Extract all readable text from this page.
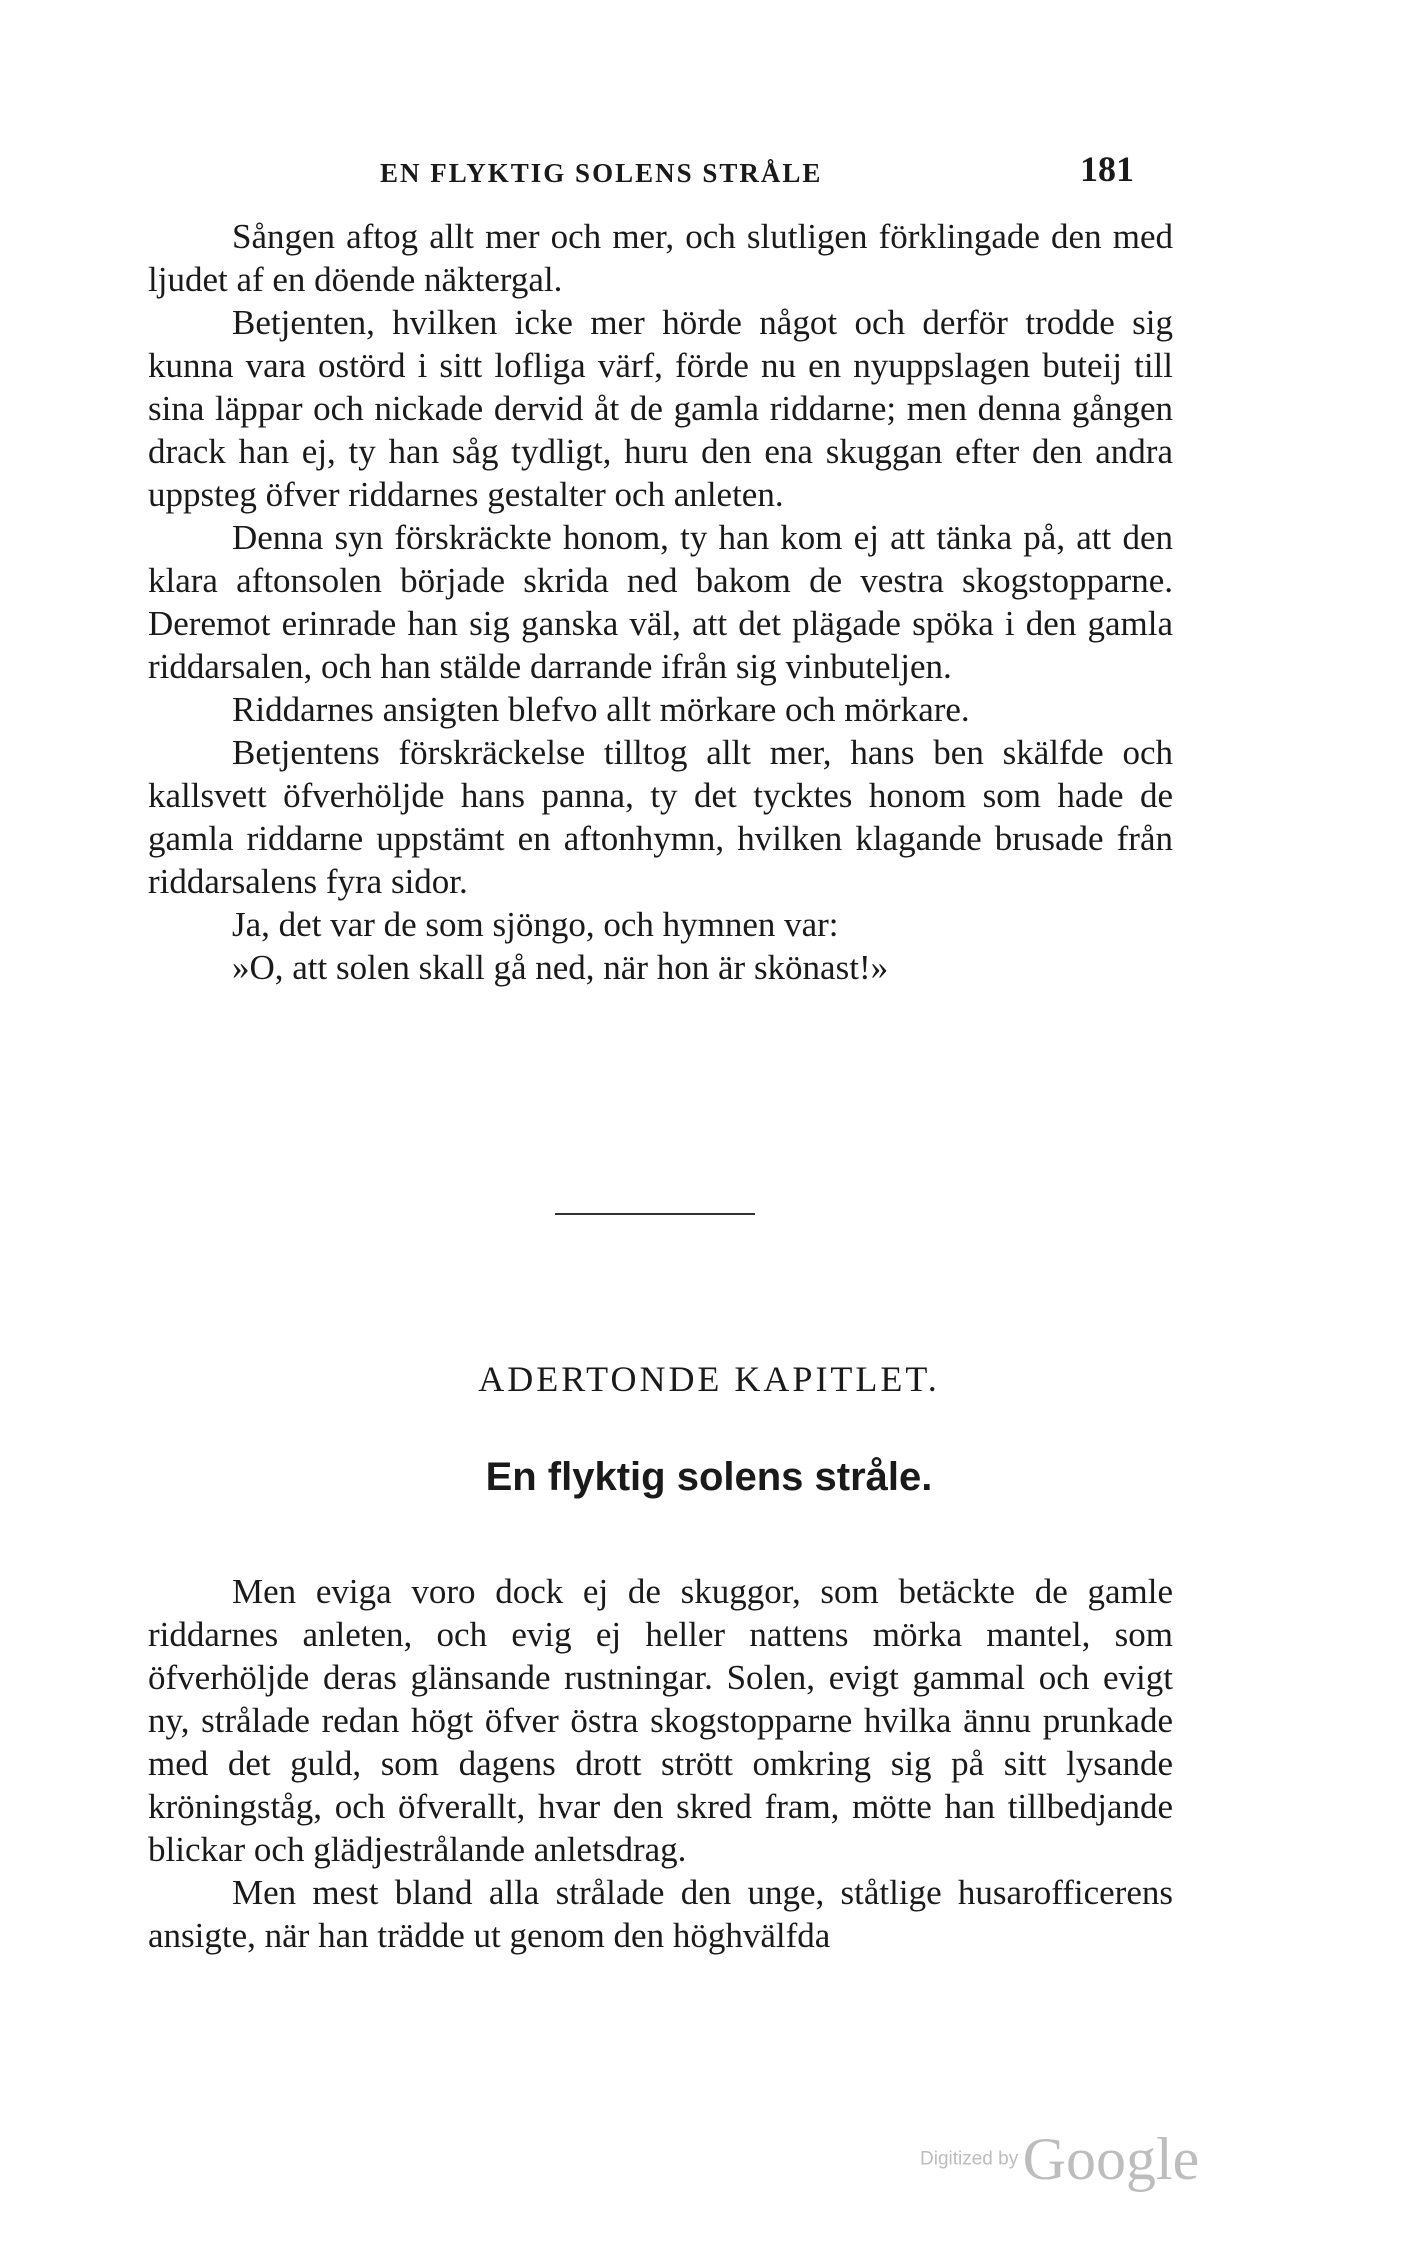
EN FLYKTIG SOLENS STRÅLE	181

Sången aftog allt mer och mer, och slutligen förklingade den med ljudet af en döende näktergal.

Betjenten, hvilken icke mer hörde något och derför trodde sig kunna vara ostörd i sitt lofliga värf, förde nu en nyuppslagen buteij till sina läppar och nickade dervid åt de gamla riddarne; men denna gången drack han ej, ty han såg tydligt, huru den ena skuggan efter den andra uppsteg öfver riddarnes gestalter och anleten.

Denna syn förskräckte honom, ty han kom ej att tänka på, att den klara aftonsolen började skrida ned bakom de vestra skogstopparne. Deremot erinrade han sig ganska väl, att det plägade spöka i den gamla riddarsalen, och han stälde darrande ifrån sig vinbuteljen.

Riddarnes ansigten blefvo allt mörkare och mörkare.

Betjentens förskräckelse tilltog allt mer, hans ben skälfde och kallsvett öfverhöljde hans panna, ty det tycktes honom som hade de gamla riddarne uppstämt en aftonhymn, hvilken klagande brusade från riddarsalens fyra sidor.

Ja, det var de som sjöngo, och hymnen var:

»O, att solen skall gå ned, när hon är skönast!»

ADERTONDE KAPITLET.
En flyktig solens stråle.

Men eviga voro dock ej de skuggor, som betäckte de gamle riddarnes anleten, och evig ej heller nattens mörka mantel, som öfverhöljde deras glänsande rustningar. Solen, evigt gammal och evigt ny, strålade redan högt öfver östra skogstopparne hvilka ännu prunkade med det guld, som dagens drott strött omkring sig på sitt lysande kröningståg, och öfverallt, hvar den skred fram, mötte han tillbedjande blickar och glädjestrålande anletsdrag.

Men mest bland alla strålade den unge, ståtlige husarofficerens ansigte, när han trädde ut genom den höghvälfda

Digitized by Google
